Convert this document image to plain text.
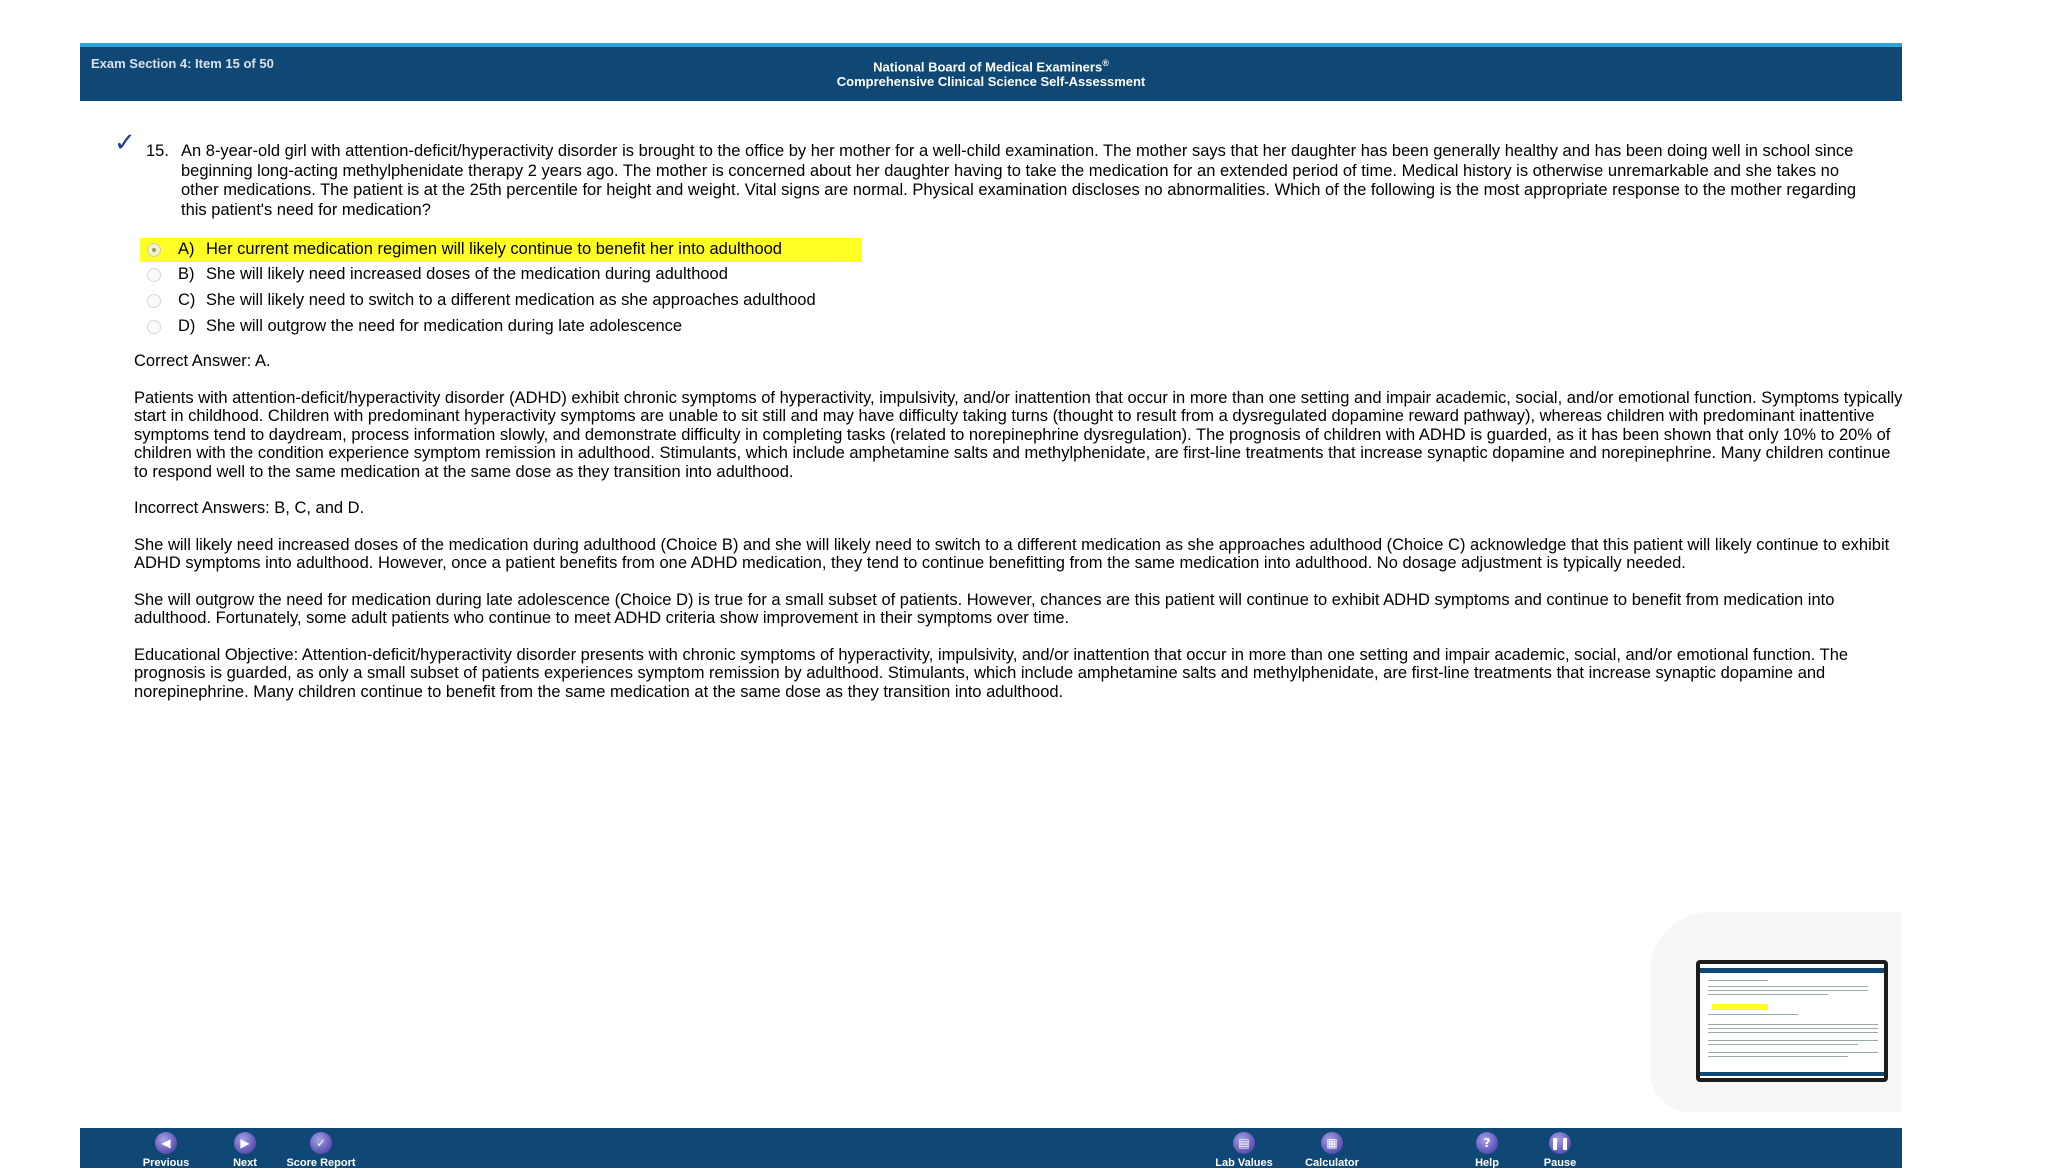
Exam Section 4: Item 15 of 50	National Board of Medical Examiners®
Comprehensive Clinical Science Self-Assessment
✓ 15. An 8-year-old girl with attention-deficit/hyperactivity disorder is brought to the office by her mother for a well-child examination. The mother says that her daughter has been generally healthy and has been doing well in school since beginning long-acting methylphenidate therapy 2 years ago. The mother is concerned about her daughter having to take the medication for an extended period of time. Medical history is otherwise unremarkable and she takes no other medications. The patient is at the 25th percentile for height and weight. Vital signs are normal. Physical examination discloses no abnormalities. Which of the following is the most appropriate response to the mother regarding this patient's need for medication?
A) Her current medication regimen will likely continue to benefit her into adulthood
B) She will likely need increased doses of the medication during adulthood
C) She will likely need to switch to a different medication as she approaches adulthood
D) She will outgrow the need for medication during late adolescence

Correct Answer: A.

Patients with attention-deficit/hyperactivity disorder (ADHD) exhibit chronic symptoms of hyperactivity, impulsivity, and/or inattention that occur in more than one setting and impair academic, social, and/or emotional function. Symptoms typically start in childhood. Children with predominant hyperactivity symptoms are unable to sit still and may have difficulty taking turns (thought to result from a dysregulated dopamine reward pathway), whereas children with predominant inattentive symptoms tend to daydream, process information slowly, and demonstrate difficulty in completing tasks (related to norepinephrine dysregulation). The prognosis of children with ADHD is guarded, as it has been shown that only 10% to 20% of children with the condition experience symptom remission in adulthood. Stimulants, which include amphetamine salts and methylphenidate, are first-line treatments that increase synaptic dopamine and norepinephrine. Many children continue to respond well to the same medication at the same dose as they transition into adulthood.

Incorrect Answers: B, C, and D.

She will likely need increased doses of the medication during adulthood (Choice B) and she will likely need to switch to a different medication as she approaches adulthood (Choice C) acknowledge that this patient will likely continue to exhibit ADHD symptoms into adulthood. However, once a patient benefits from one ADHD medication, they tend to continue benefitting from the same medication into adulthood. No dosage adjustment is typically needed.

She will outgrow the need for medication during late adolescence (Choice D) is true for a small subset of patients. However, chances are this patient will continue to exhibit ADHD symptoms and continue to benefit from medication into adulthood. Fortunately, some adult patients who continue to meet ADHD criteria show improvement in their symptoms over time.

Educational Objective: Attention-deficit/hyperactivity disorder presents with chronic symptoms of hyperactivity, impulsivity, and/or inattention that occur in more than one setting and impair academic, social, and/or emotional function. The prognosis is guarded, as only a small subset of patients experiences symptom remission by adulthood. Stimulants, which include amphetamine salts and methylphenidate, are first-line treatments that increase synaptic dopamine and norepinephrine. Many children continue to benefit from the same medication at the same dose as they transition into adulthood.

◀
Previous
▶
Next
✓
Score Report
▤
Lab Values
▦
Calculator
?
Help
❚❚
Pause
